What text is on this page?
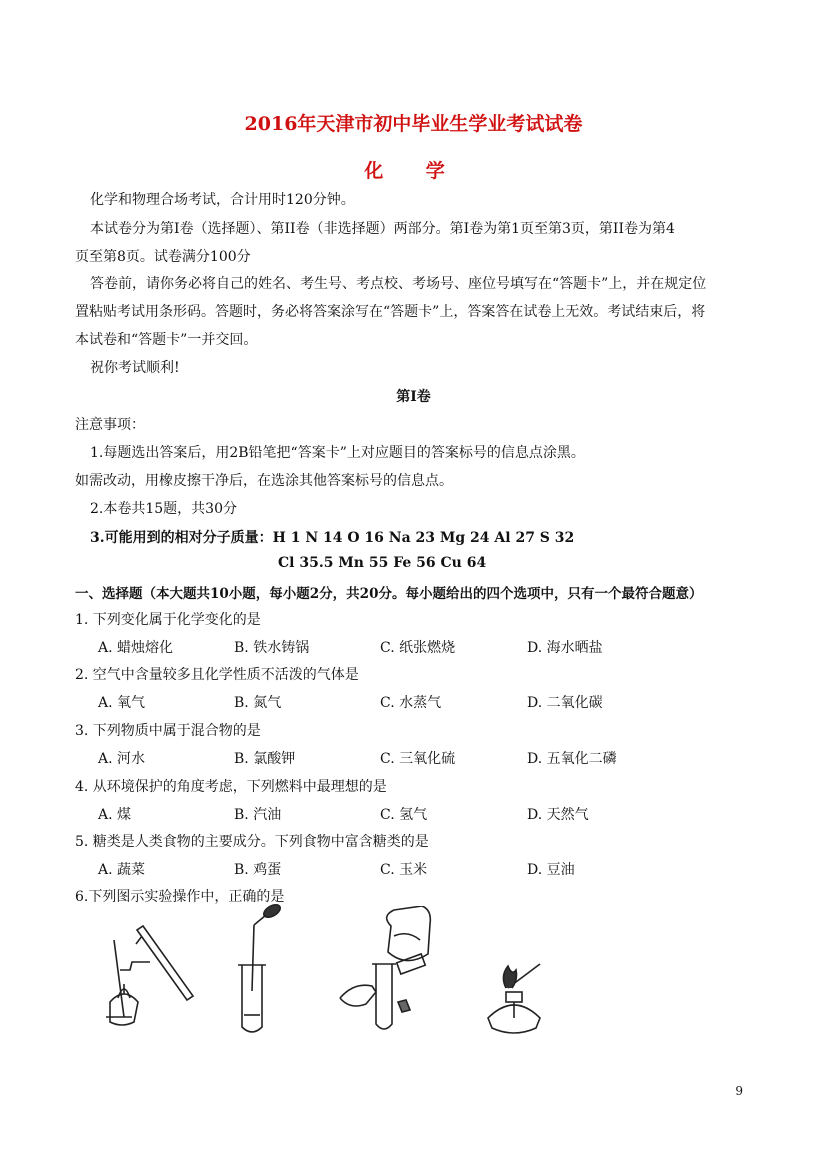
2016年天津市初中毕业生学业考试试卷
化 学
化学和物理合场考试，合计用时120分钟。
本试卷分为第I卷（选择题）、第II卷（非选择题）两部分。第I卷为第1页至第3页，第II卷为第4
页至第8页。试卷满分100分
答卷前，请你务必将自己的姓名、考生号、考点校、考场号、座位号填写在“答题卡”上，并在规定位
置粘贴考试用条形码。答题时，务必将答案涂写在“答题卡”上，答案答在试卷上无效。考试结束后，将
本试卷和“答题卡”一并交回。
祝你考试顺利!
第I卷
注意事项：
1.每题选出答案后，用2B铅笔把“答案卡”上对应题目的答案标号的信息点涂黑。
如需改动，用橡皮擦干净后，在选涂其他答案标号的信息点。
2.本卷共15题，共30分
3.可能用到的相对分子质量：H 1 N 14 O 16 Na 23 Mg 24 Al 27 S 32
Cl 35.5 Mn 55 Fe 56 Cu 64
一、选择题（本大题共10小题，每小题2分，共20分。每小题给出的四个选项中，只有一个最符合题意）
1. 下列变化属于化学变化的是
A. 蜡烛熔化	B. 铁水铸锅	C. 纸张燃烧	D. 海水晒盐
2. 空气中含量较多且化学性质不活泼的气体是
A. 氧气	B. 氮气	C. 水蒸气	D. 二氧化碳
3. 下列物质中属于混合物的是
A. 河水	B. 氯酸钾	C. 三氧化硫	D. 五氧化二磷
4. 从环境保护的角度考虑，下列燃料中最理想的是
A. 煤	B. 汽油	C. 氢气	D. 天然气
5. 糖类是人类食物的主要成分。下列食物中富含糖类的是
A. 蔬菜	B. 鸡蛋	C. 玉米	D. 豆油
6.下列图示实验操作中，正确的是
9
